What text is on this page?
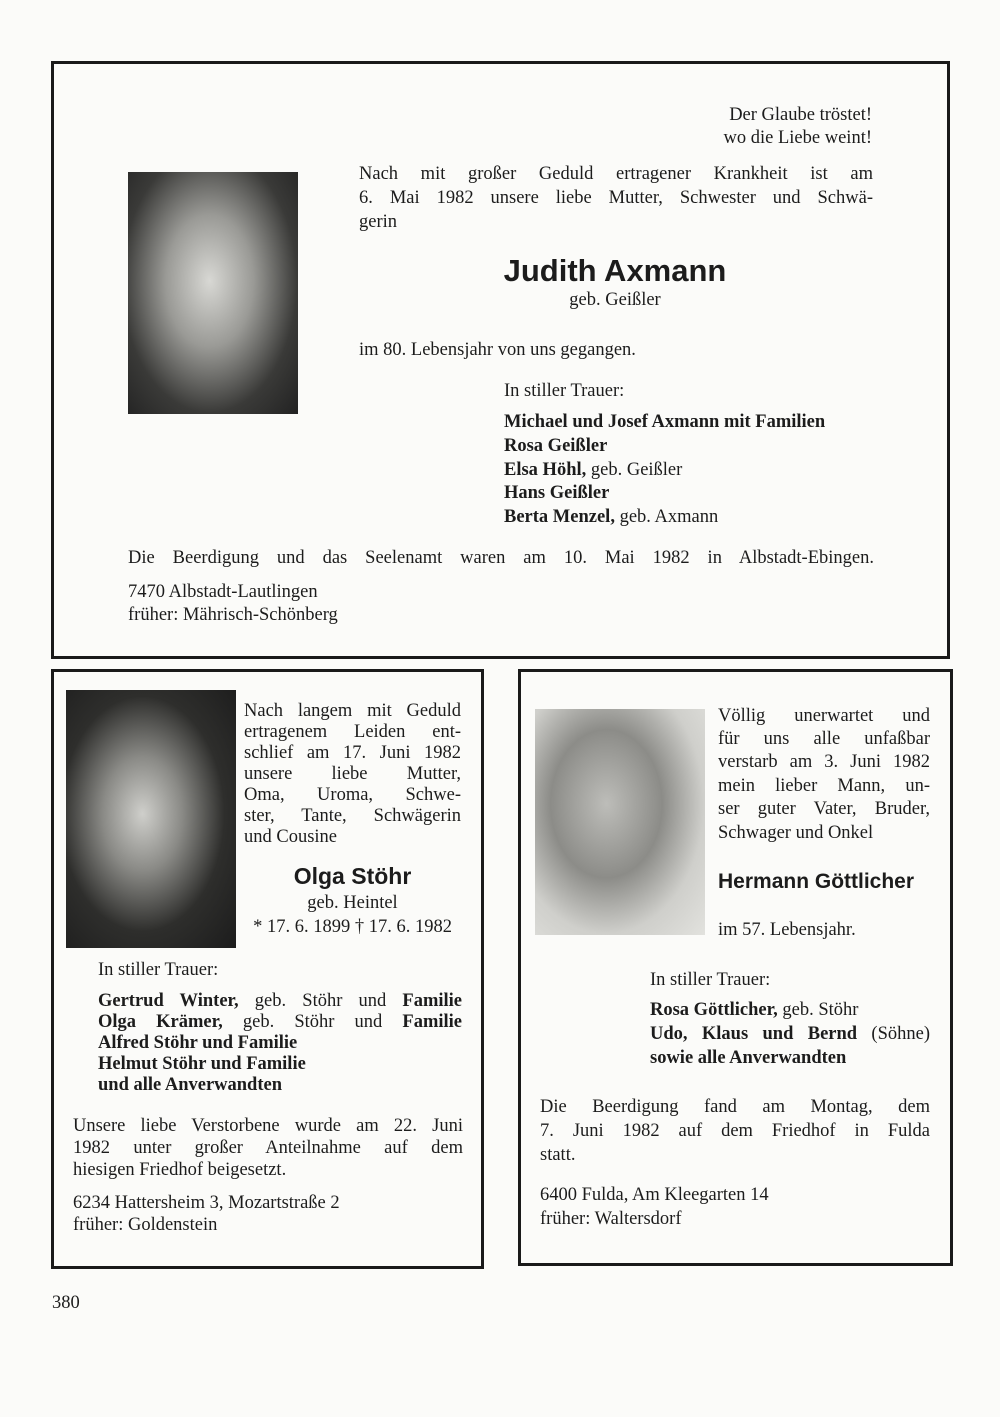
Der Glaube tröstet!
wo die Liebe weint!
Nach mit großer Geduld ertragener Krankheit ist am
6. Mai 1982 unsere liebe Mutter, Schwester und Schwä-
gerin
Judith Axmann
geb. Geißler
im 80. Lebensjahr von uns gegangen.
In stiller Trauer:
Michael und Josef Axmann mit Familien
Rosa Geißler
Elsa Höhl, geb. Geißler
Hans Geißler
Berta Menzel, geb. Axmann
Die Beerdigung und das Seelenamt waren am 10. Mai 1982 in Albstadt-Ebingen.
7470 Albstadt-Lautlingen
früher: Mährisch-Schönberg
Nach langem mit Geduld
ertragenem Leiden ent-
schlief am 17. Juni 1982
unsere liebe Mutter,
Oma, Uroma, Schwe-
ster, Tante, Schwägerin
und Cousine
Olga Stöhr
geb. Heintel
* 17. 6. 1899 † 17. 6. 1982
In stiller Trauer:
Gertrud Winter, geb. Stöhr und Familie
Olga Krämer, geb. Stöhr und Familie
Alfred Stöhr und Familie
Helmut Stöhr und Familie
und alle Anverwandten
Unsere liebe Verstorbene wurde am 22. Juni
1982 unter großer Anteilnahme auf dem
hiesigen Friedhof beigesetzt.
6234 Hattersheim 3, Mozartstraße 2
früher: Goldenstein
Völlig unerwartet und
für uns alle unfaßbar
verstarb am 3. Juni 1982
mein lieber Mann, un-
ser guter Vater, Bruder,
Schwager und Onkel
Hermann Göttlicher
im 57. Lebensjahr.
In stiller Trauer:
Rosa Göttlicher, geb. Stöhr
Udo, Klaus und Bernd (Söhne)
sowie alle Anverwandten
Die Beerdigung fand am Montag, dem
7. Juni 1982 auf dem Friedhof in Fulda
statt.
6400 Fulda, Am Kleegarten 14
früher: Waltersdorf
380
